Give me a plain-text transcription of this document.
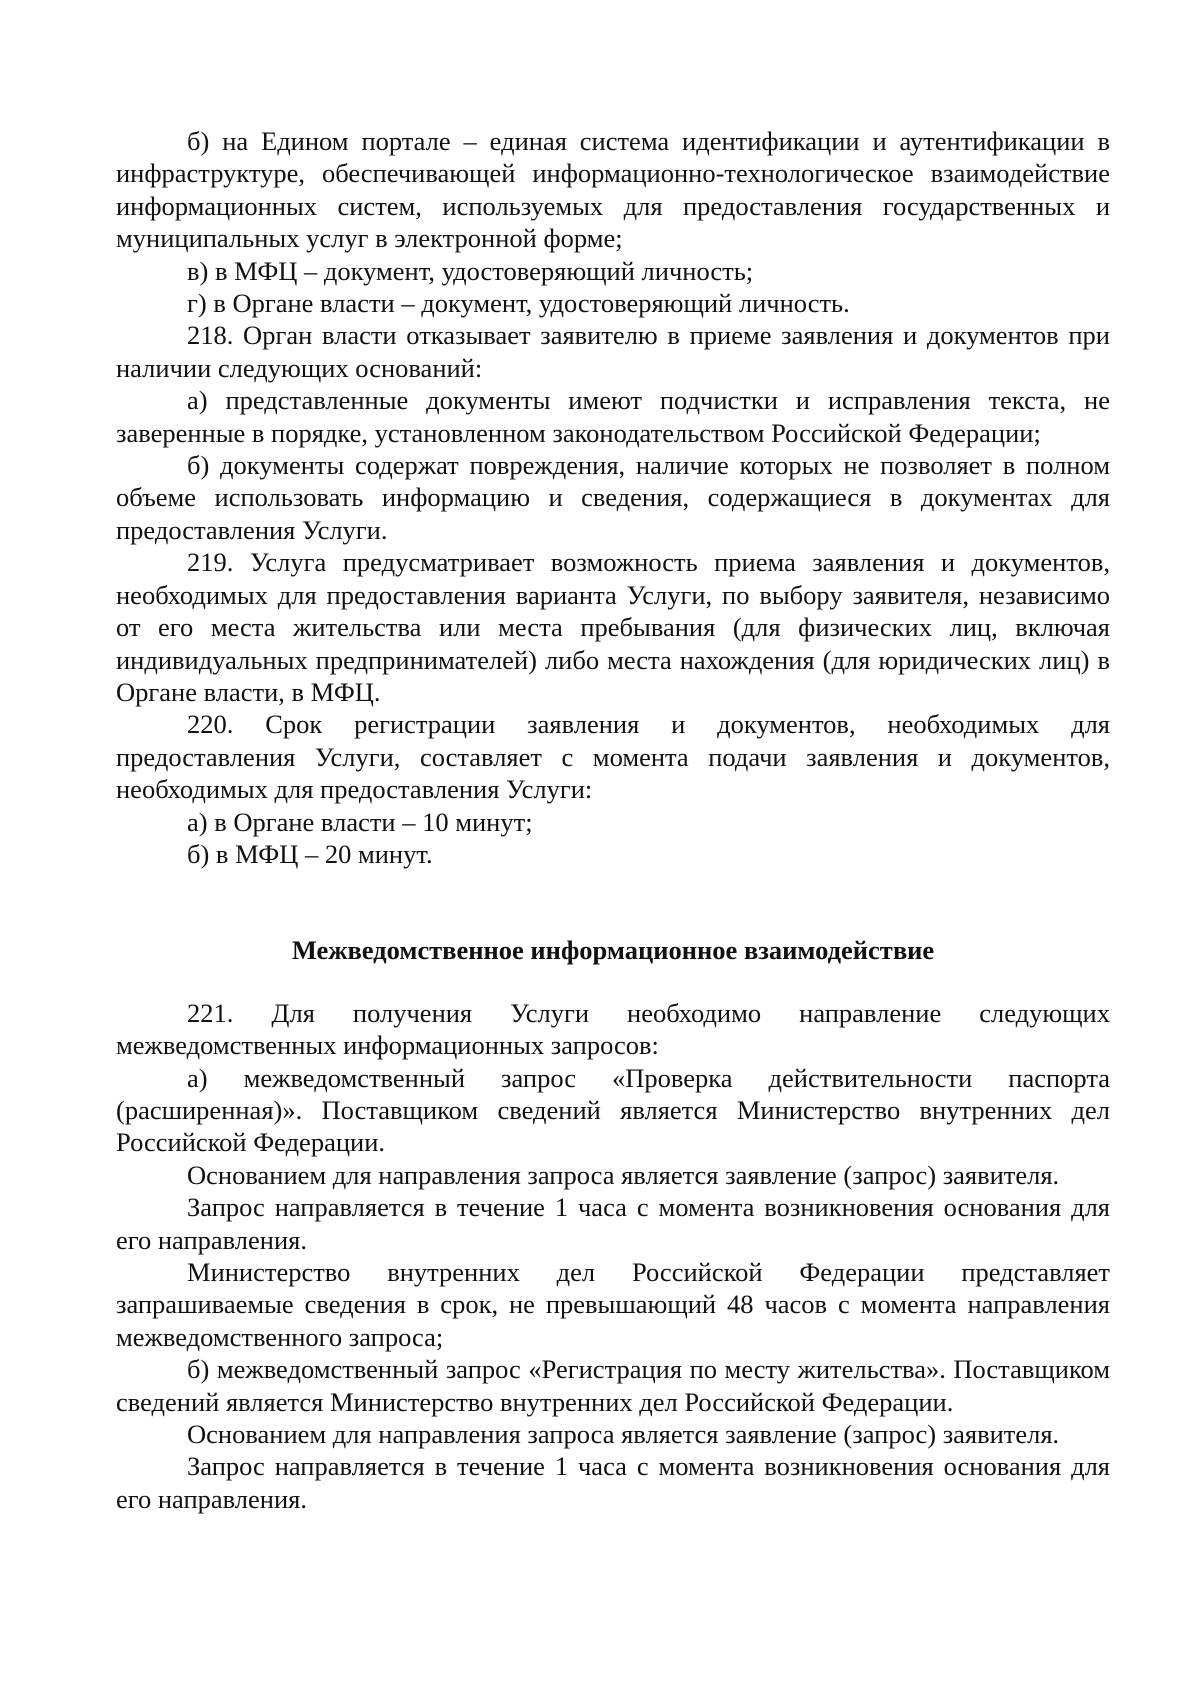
б) на Едином портале – единая система идентификации и аутентификации в инфраструктуре, обеспечивающей информационно-технологическое взаимодействие информационных систем, используемых для предоставления государственных и муниципальных услуг в электронной форме;

в) в МФЦ – документ, удостоверяющий личность;

г) в Органе власти – документ, удостоверяющий личность.

218. Орган власти отказывает заявителю в приеме заявления и документов при наличии следующих оснований:

а) представленные документы имеют подчистки и исправления текста, не заверенные в порядке, установленном законодательством Российской Федерации;

б) документы содержат повреждения, наличие которых не позволяет в полном объеме использовать информацию и сведения, содержащиеся в документах для предоставления Услуги.

219. Услуга предусматривает возможность приема заявления и документов, необходимых для предоставления варианта Услуги, по выбору заявителя, независимо от его места жительства или места пребывания (для физических лиц, включая индивидуальных предпринимателей) либо места нахождения (для юридических лиц) в Органе власти, в МФЦ.

220. Срок регистрации заявления и документов, необходимых для предоставления Услуги, составляет с момента подачи заявления и документов, необходимых для предоставления Услуги:

а) в Органе власти – 10 минут;

б) в МФЦ – 20 минут.

Межведомственное информационное взаимодействие

221. Для получения Услуги необходимо направление следующих межведомственных информационных запросов:

а) межведомственный запрос «Проверка действительности паспорта (расширенная)». Поставщиком сведений является Министерство внутренних дел Российской Федерации.

Основанием для направления запроса является заявление (запрос) заявителя.

Запрос направляется в течение 1 часа с момента возникновения основания для его направления.

Министерство внутренних дел Российской Федерации представляет запрашиваемые сведения в срок, не превышающий 48 часов с момента направления межведомственного запроса;

б) межведомственный запрос «Регистрация по месту жительства». Поставщиком сведений является Министерство внутренних дел Российской Федерации.

Основанием для направления запроса является заявление (запрос) заявителя.

Запрос направляется в течение 1 часа с момента возникновения основания для его направления.
